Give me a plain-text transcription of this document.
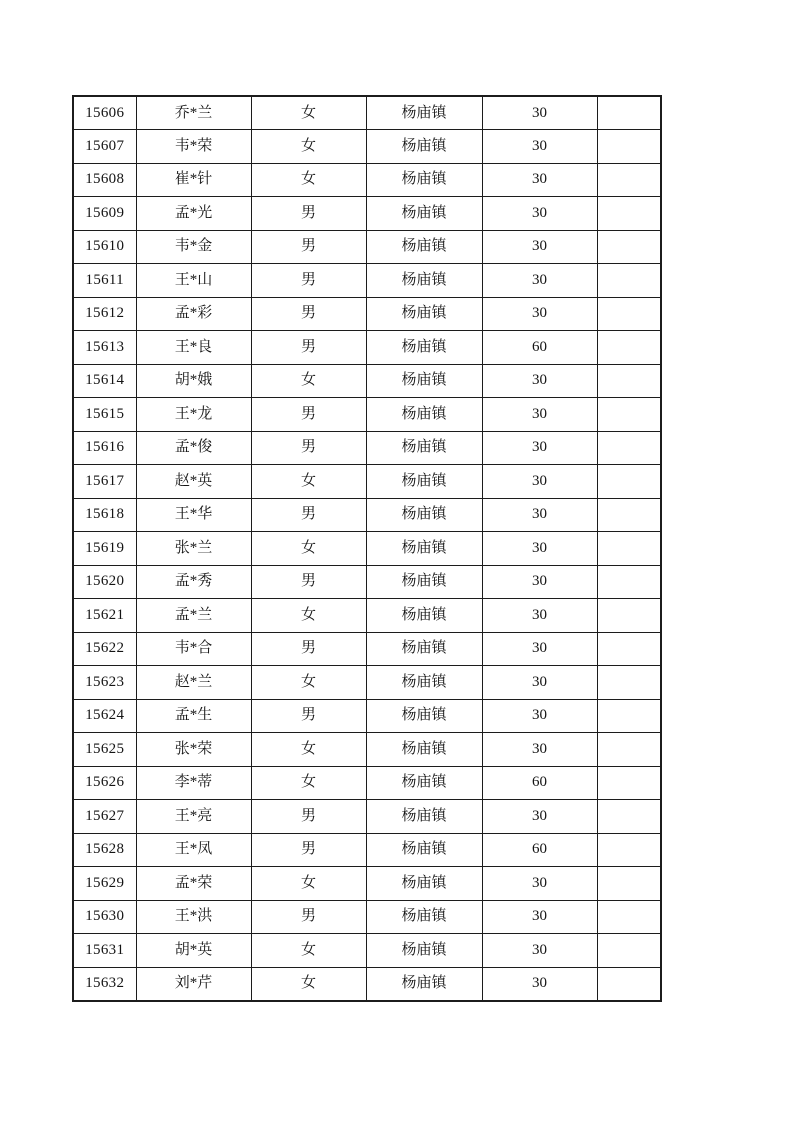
15606	乔*兰	女	杨庙镇	30	
15607	韦*荣	女	杨庙镇	30	
15608	崔*针	女	杨庙镇	30	
15609	孟*光	男	杨庙镇	30	
15610	韦*金	男	杨庙镇	30	
15611	王*山	男	杨庙镇	30	
15612	孟*彩	男	杨庙镇	30	
15613	王*良	男	杨庙镇	60	
15614	胡*娥	女	杨庙镇	30	
15615	王*龙	男	杨庙镇	30	
15616	孟*俊	男	杨庙镇	30	
15617	赵*英	女	杨庙镇	30	
15618	王*华	男	杨庙镇	30	
15619	张*兰	女	杨庙镇	30	
15620	孟*秀	男	杨庙镇	30	
15621	孟*兰	女	杨庙镇	30	
15622	韦*合	男	杨庙镇	30	
15623	赵*兰	女	杨庙镇	30	
15624	孟*生	男	杨庙镇	30	
15625	张*荣	女	杨庙镇	30	
15626	李*蒂	女	杨庙镇	60	
15627	王*亮	男	杨庙镇	30	
15628	王*凤	男	杨庙镇	60	
15629	孟*荣	女	杨庙镇	30	
15630	王*洪	男	杨庙镇	30	
15631	胡*英	女	杨庙镇	30	
15632	刘*芹	女	杨庙镇	30	
